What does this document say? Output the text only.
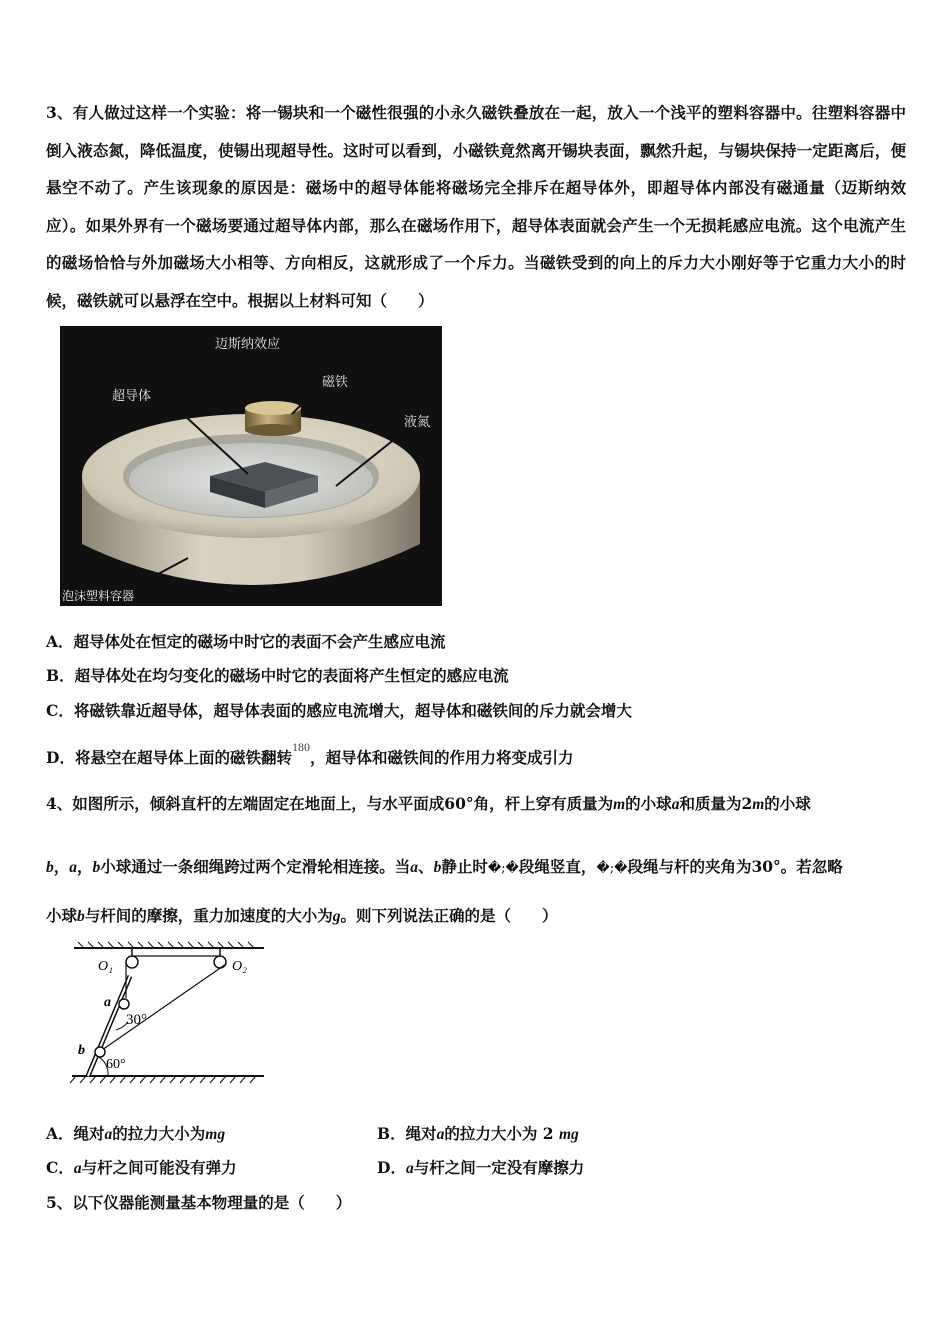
3、有人做过这样一个实验：将一锡块和一个磁性很强的小永久磁铁叠放在一起，放入一个浅平的塑料容器中。往塑料容器中倒入液态氮，降低温度，使锡出现超导性。这时可以看到，小磁铁竟然离开锡块表面，飘然升起，与锡块保持一定距离后，便悬空不动了。产生该现象的原因是：磁场中的超导体能将磁场完全排斥在超导体外，即超导体内部没有磁通量（迈斯纳效应）。如果外界有一个磁场要通过超导体内部，那么在磁场作用下，超导体表面就会产生一个无损耗感应电流。这个电流产生的磁场恰恰与外加磁场大小相等、方向相反，这就形成了一个斥力。当磁铁受到的向上的斥力大小刚好等于它重力大小的时候，磁铁就可以悬浮在空中。根据以上材料可知（　　）

迈斯纳效应
超导体
磁铁
液氮
泡沫塑料容器
A．超导体处在恒定的磁场中时它的表面不会产生感应电流
B．超导体处在均匀变化的磁场中时它的表面将产生恒定的感应电流
C．将磁铁靠近超导体，超导体表面的感应电流增大，超导体和磁铁间的斥力就会增大
D．将悬空在超导体上面的磁铁翻转$^{180}$，超导体和磁铁间的作用力将变成引力
4、如图所示，倾斜直杆的左端固定在地面上，与水平面成60°角，杆上穿有质量为m的小球a和质量为2m的小球
b，a，b小球通过一条细绳跨过两个定滑轮相连接。当a、b静止时�;�段绳竖直，�;�段绳与杆的夹角为30°。若忽略
小球b与杆间的摩擦，重力加速度的大小为g。则下列说法正确的是（　　）
O₁	O₂
a
b
30°
60°
A．绳对a的拉力大小为mg	B．绳对a的拉力大小为 2 mg
C．a与杆之间可能没有弹力	D．a与杆之间一定没有摩擦力
5、以下仪器能测量基本物理量的是（　　）
